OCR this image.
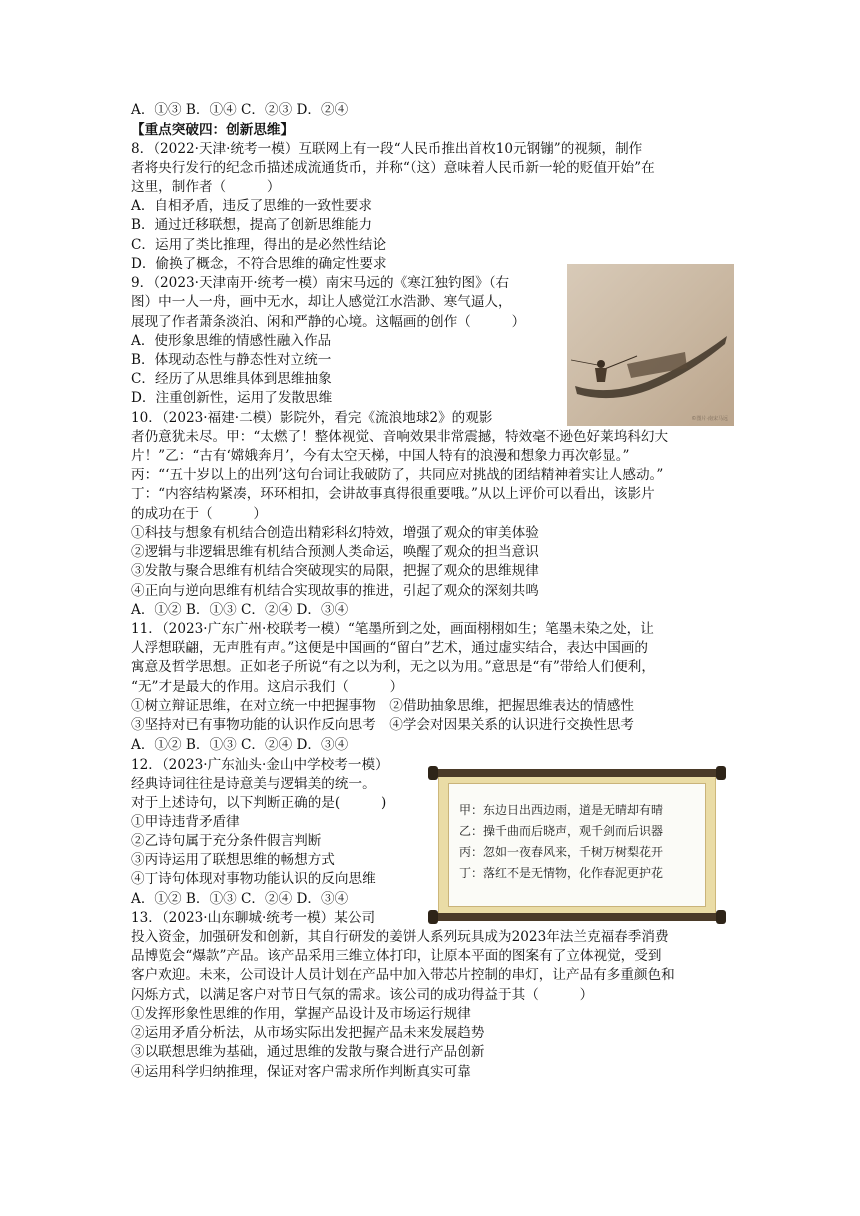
A．①③ B．①④ C．②③ D．②④
【重点突破四：创新思维】
8．（2022·天津·统考一模）互联网上有一段“人民币推出首枚10元钢镚”的视频，制作
者将央行发行的纪念币描述成流通货币，并称“（这）意味着人民币新一轮的贬值开始”在
这里，制作者（　　　）
A．自相矛盾，违反了思维的一致性要求
B．通过迁移联想，提高了创新思维能力
C．运用了类比推理，得出的是必然性结论
D．偷换了概念，不符合思维的确定性要求
9．（2023·天津南开·统考一模）南宋马远的《寒江独钓图》（右
图）中一人一舟，画中无水，却让人感觉江水浩渺、寒气逼人，
展现了作者萧条淡泊、闲和严静的心境。这幅画的创作（　　　）
A．使形象思维的情感性融入作品
B．体现动态性与静态性对立统一
C．经历了从思维具体到思维抽象
D．注重创新性，运用了发散思维
10．（2023·福建·二模）影院外，看完《流浪地球2》的观影
者仍意犹未尽。甲：“太燃了！整体视觉、音响效果非常震撼，特效毫不逊色好莱坞科幻大
片！”乙：“古有‘嫦娥奔月’，今有太空天梯，中国人特有的浪漫和想象力再次彰显。”
丙：“‘五十岁以上的出列’这句台词让我破防了，共同应对挑战的团结精神着实让人感动。”
丁：“内容结构紧凑，环环相扣，会讲故事真得很重要哦。”从以上评价可以看出，该影片
的成功在于（　　　）
①科技与想象有机结合创造出精彩科幻特效，增强了观众的审美体验
②逻辑与非逻辑思维有机结合预测人类命运，唤醒了观众的担当意识
③发散与聚合思维有机结合突破现实的局限，把握了观众的思维规律
④正向与逆向思维有机结合实现故事的推进，引起了观众的深刻共鸣
A．①② B．①③ C．②④ D．③④
11．（2023·广东广州·校联考一模）“笔墨所到之处，画面栩栩如生；笔墨未染之处，让
人浮想联翩，无声胜有声。”这便是中国画的“留白”艺术，通过虚实结合，表达中国画的
寓意及哲学思想。正如老子所说“有之以为利，无之以为用。”意思是“有”带给人们便利，
“无”才是最大的作用。这启示我们（　　　）
①树立辩证思维，在对立统一中把握事物　②借助抽象思维，把握思维表达的情感性
③坚持对已有事物功能的认识作反向思考　④学会对因果关系的认识进行交换性思考
A．①② B．①③ C．②④ D．③④
12．（2023·广东汕头·金山中学校考一模）
经典诗词往往是诗意美与逻辑美的统一。
对于上述诗句，以下判断正确的是(　　　)
①甲诗违背矛盾律
②乙诗句属于充分条件假言判断
③丙诗运用了联想思维的畅想方式
④丁诗句体现对事物功能认识的反向思维
A．①② B．①③ C．②④ D．③④
13．（2023·山东聊城·统考一模）某公司
投入资金，加强研发和创新，其自行研发的姜饼人系列玩具成为2023年法兰克福春季消费
品博览会“爆款”产品。该产品采用三维立体打印，让原本平面的图案有了立体视觉，受到
客户欢迎。未来，公司设计人员计划在产品中加入带芯片控制的串灯，让产品有多重颜色和
闪烁方式，以满足客户对节日气氛的需求。该公司的成功得益于其（　　　）
①发挥形象性思维的作用，掌握产品设计及市场运行规律
②运用矛盾分析法，从市场实际出发把握产品未来发展趋势
③以联想思维为基础，通过思维的发散与聚合进行产品创新
④运用科学归纳推理，保证对客户需求所作判断真实可靠
©图片·南宋马远
甲：东边日出西边雨，道是无晴却有晴
乙：操千曲而后晓声，观千剑而后识器
丙：忽如一夜春风来，千树万树梨花开
丁：落红不是无情物，化作春泥更护花
